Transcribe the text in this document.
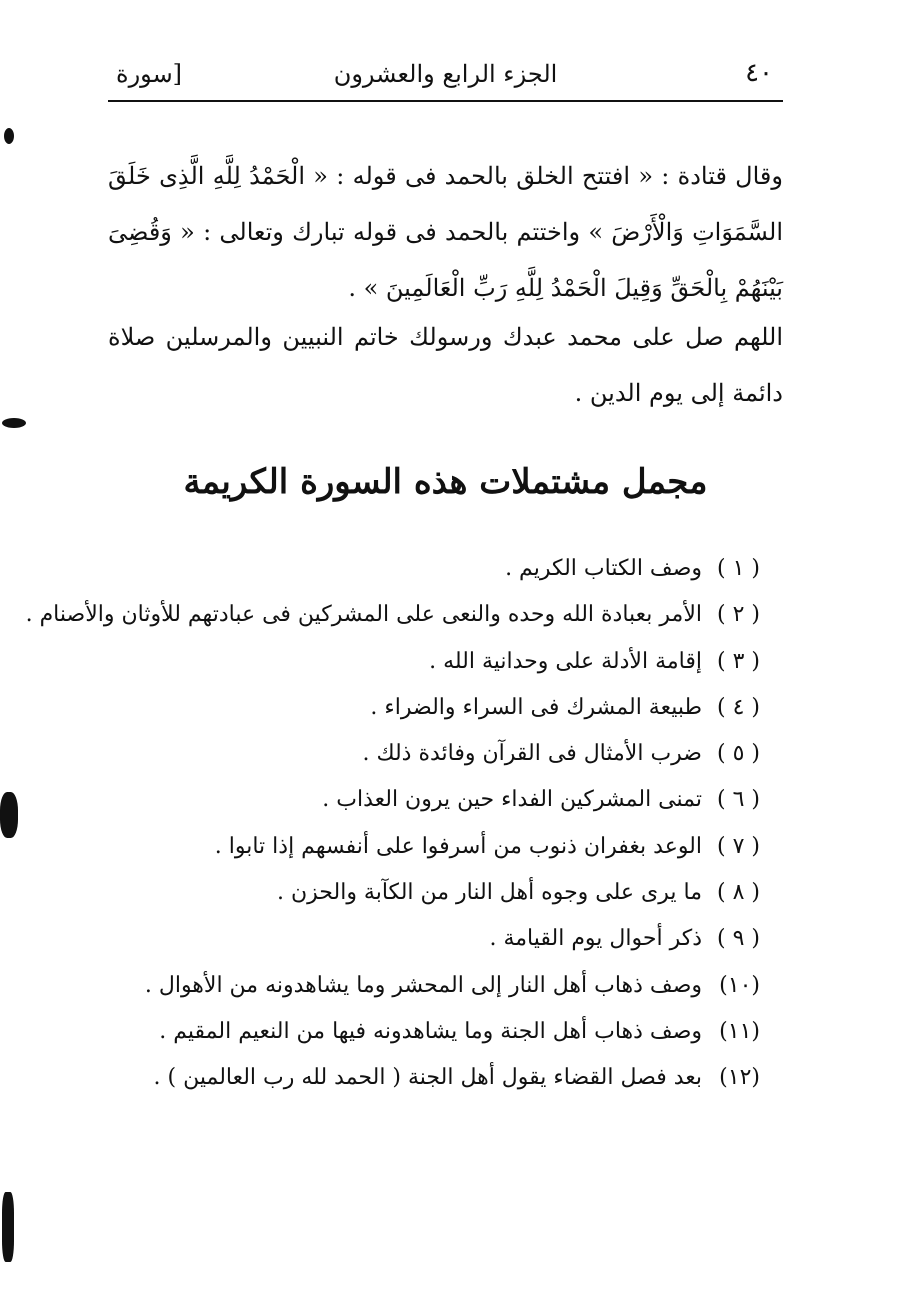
٤٠
الجزء الرابع والعشرون
[سورة

وقال قتادة : « افتتح الخلق بالحمد فى قوله : « الْحَمْدُ لِلَّهِ الَّذِى خَلَقَ السَّمَوَاتِ وَالْأَرْضَ » واختتم بالحمد فى قوله تبارك وتعالى : « وَقُضِىَ بَيْنَهُمْ بِالْحَقِّ وَقِيلَ الْحَمْدُ لِلَّهِ رَبِّ الْعَالَمِينَ » .

اللهم صل على محمد عبدك ورسولك خاتم النبيين والمرسلين صلاة دائمة إلى يوم الدين .

مجمل مشتملات هذه السورة الكريمة
( ١ )
وصف الكتاب الكريم .
( ٢ )
الأمر بعبادة الله وحده والنعى على المشركين فى عبادتهم للأوثان والأصنام .
( ٣ )
إقامة الأدلة على وحدانية الله .
( ٤ )
طبيعة المشرك فى السراء والضراء .
( ٥ )
ضرب الأمثال فى القرآن وفائدة ذلك .
( ٦ )
تمنى المشركين الفداء حين يرون العذاب .
( ٧ )
الوعد بغفران ذنوب من أسرفوا على أنفسهم إذا تابوا .
( ٨ )
ما يرى على وجوه أهل النار من الكآبة والحزن .
( ٩ )
ذكر أحوال يوم القيامة .
(١٠)
وصف ذهاب أهل النار إلى المحشر وما يشاهدونه من الأهوال .
(١١)
وصف ذهاب أهل الجنة وما يشاهدونه فيها من النعيم المقيم .
(١٢)
بعد فصل القضاء يقول أهل الجنة ( الحمد لله رب العالمين ) .
